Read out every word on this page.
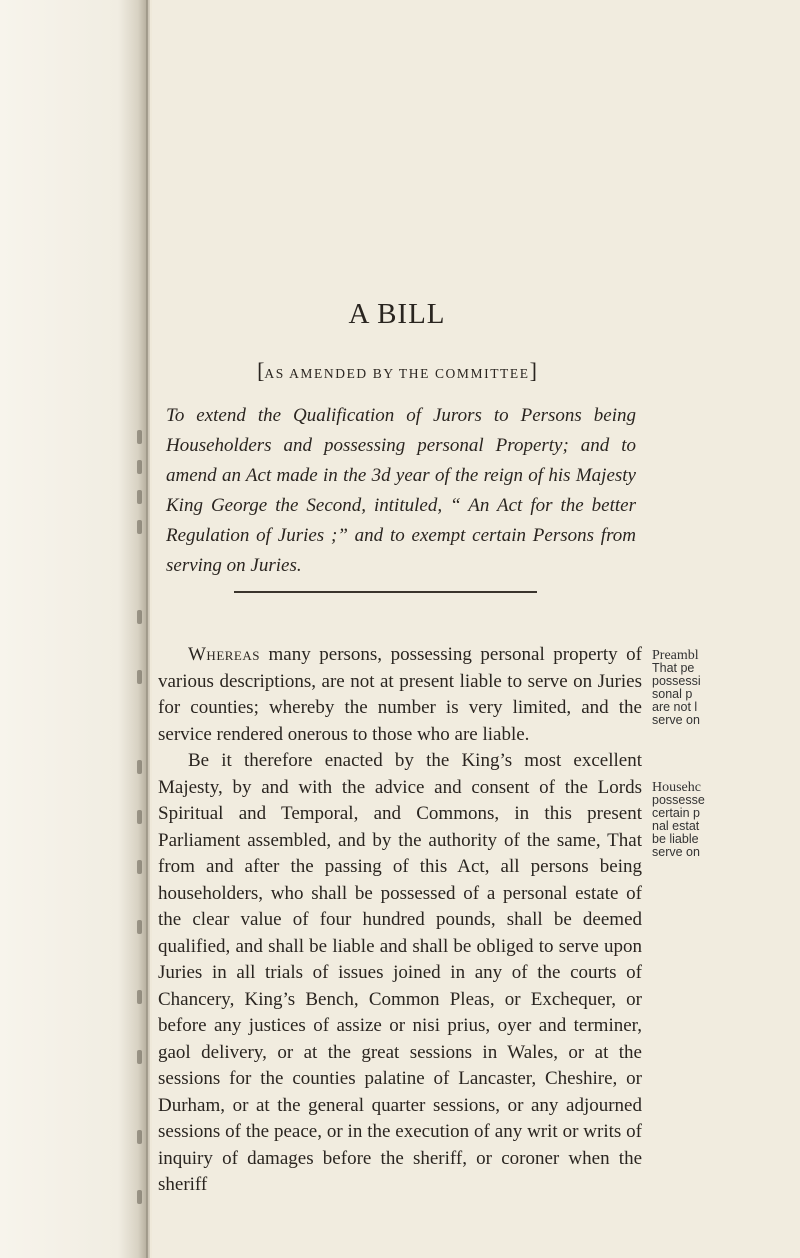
A BILL
[AS AMENDED BY THE COMMITTEE]

To extend the Qualification of Jurors to Persons being Householders and possessing personal Property; and to amend an Act made in the 3d year of the reign of his Majesty King George the Second, intituled, “ An Act for the better Regulation of Juries ;” and to exempt certain Persons from serving on Juries.

Whereas many persons, possessing personal property of various descriptions, are not at present liable to serve on Juries for counties; whereby the number is very limited, and the service rendered onerous to those who are liable.

Be it therefore enacted by the King’s most excellent Majesty, by and with the advice and consent of the Lords Spiritual and Temporal, and Commons, in this present Parliament assembled, and by the authority of the same, That from and after the passing of this Act, all persons being householders, who shall be possessed of a personal estate of the clear value of four hundred pounds, shall be deemed qualified, and shall be liable and shall be obliged to serve upon Juries in all trials of issues joined in any of the courts of Chancery, King’s Bench, Common Pleas, or Exchequer, or before any justices of assize or nisi prius, oyer and terminer, gaol delivery, or at the great sessions in Wales, or at the sessions for the counties palatine of Lancaster, Cheshire, or Durham, or at the general quarter sessions, or any adjourned sessions of the peace, or in the execution of any writ or writs of inquiry of damages before the sheriff, or coroner when the sheriff

Preambl
That pe
possessi
sonal p
are not l
serve on
Househc
possesse
certain p
nal estat
be liable
serve on
